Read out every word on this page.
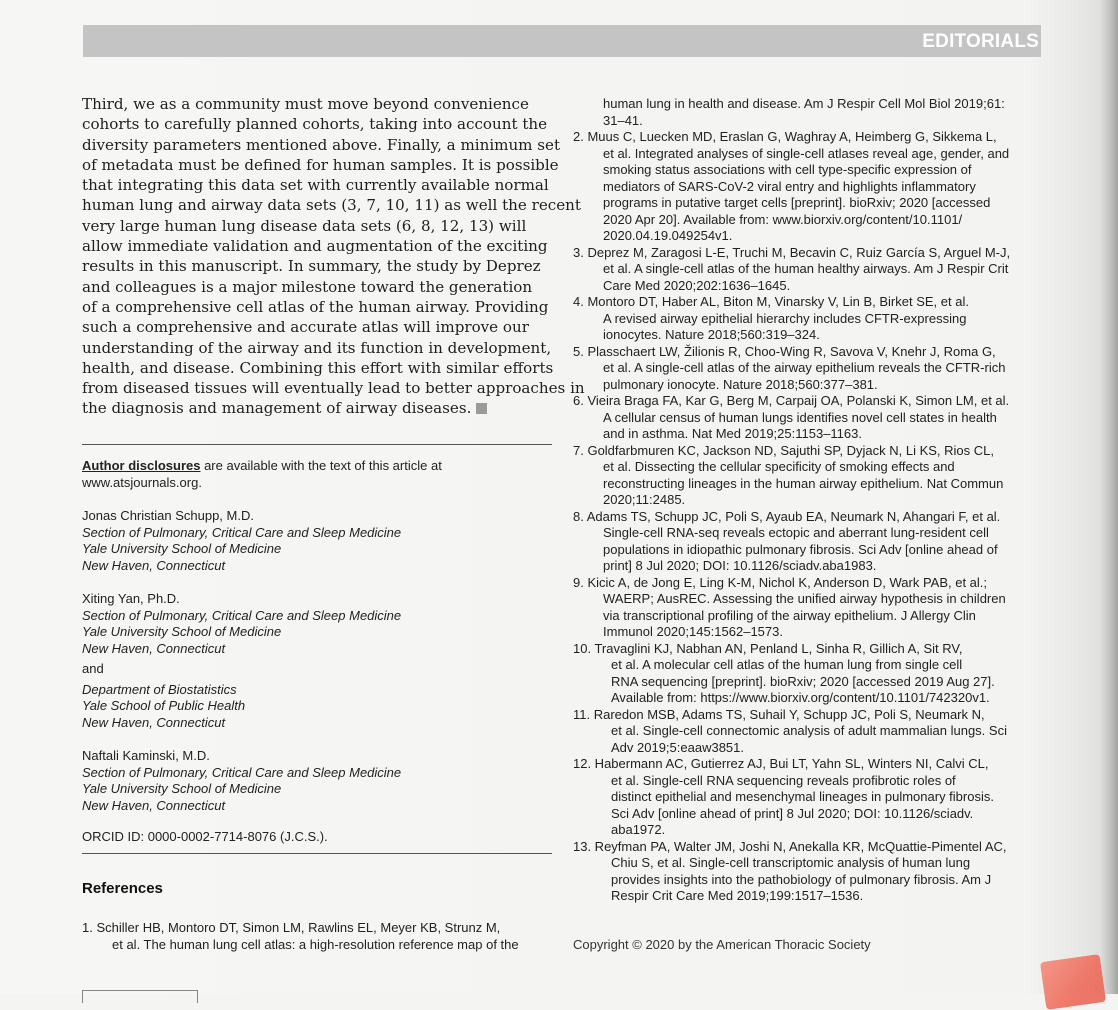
EDITORIALS
Third, we as a community must move beyond convenience
cohorts to carefully planned cohorts, taking into account the
diversity parameters mentioned above. Finally, a minimum set
of metadata must be defined for human samples. It is possible
that integrating this data set with currently available normal
human lung and airway data sets (3, 7, 10, 11) as well the recent
very large human lung disease data sets (6, 8, 12, 13) will
allow immediate validation and augmentation of the exciting
results in this manuscript. In summary, the study by Deprez
and colleagues is a major milestone toward the generation
of a comprehensive cell atlas of the human airway. Providing
such a comprehensive and accurate atlas will improve our
understanding of the airway and its function in development,
health, and disease. Combining this effort with similar efforts
from diseased tissues will eventually lead to better approaches in
the diagnosis and management of airway diseases.
Author disclosures are available with the text of this article at
www.atsjournals.org.
Jonas Christian Schupp, M.D.
Section of Pulmonary, Critical Care and Sleep Medicine
Yale University School of Medicine
New Haven, Connecticut
Xiting Yan, Ph.D.
Section of Pulmonary, Critical Care and Sleep Medicine
Yale University School of Medicine
New Haven, Connecticut
and
Department of Biostatistics
Yale School of Public Health
New Haven, Connecticut
Naftali Kaminski, M.D.
Section of Pulmonary, Critical Care and Sleep Medicine
Yale University School of Medicine
New Haven, Connecticut
ORCID ID: 0000-0002-7714-8076 (J.C.S.).
References
1. Schiller HB, Montoro DT, Simon LM, Rawlins EL, Meyer KB, Strunz M,
et al. The human lung cell atlas: a high-resolution reference map of the
human lung in health and disease. Am J Respir Cell Mol Biol 2019;61:
31–41.
2. Muus C, Luecken MD, Eraslan G, Waghray A, Heimberg G, Sikkema L,
et al. Integrated analyses of single-cell atlases reveal age, gender, and
smoking status associations with cell type-specific expression of
mediators of SARS-CoV-2 viral entry and highlights inflammatory
programs in putative target cells [preprint]. bioRxiv; 2020 [accessed
2020 Apr 20]. Available from: www.biorxiv.org/content/10.1101/
2020.04.19.049254v1.
3. Deprez M, Zaragosi L-E, Truchi M, Becavin C, Ruiz García S, Arguel M-J,
et al. A single-cell atlas of the human healthy airways. Am J Respir Crit
Care Med 2020;202:1636–1645.
4. Montoro DT, Haber AL, Biton M, Vinarsky V, Lin B, Birket SE, et al.
A revised airway epithelial hierarchy includes CFTR-expressing
ionocytes. Nature 2018;560:319–324.
5. Plasschaert LW, Žilionis R, Choo-Wing R, Savova V, Knehr J, Roma G,
et al. A single-cell atlas of the airway epithelium reveals the CFTR-rich
pulmonary ionocyte. Nature 2018;560:377–381.
6. Vieira Braga FA, Kar G, Berg M, Carpaij OA, Polanski K, Simon LM, et al.
A cellular census of human lungs identifies novel cell states in health
and in asthma. Nat Med 2019;25:1153–1163.
7. Goldfarbmuren KC, Jackson ND, Sajuthi SP, Dyjack N, Li KS, Rios CL,
et al. Dissecting the cellular specificity of smoking effects and
reconstructing lineages in the human airway epithelium. Nat Commun
2020;11:2485.
8. Adams TS, Schupp JC, Poli S, Ayaub EA, Neumark N, Ahangari F, et al.
Single-cell RNA-seq reveals ectopic and aberrant lung-resident cell
populations in idiopathic pulmonary fibrosis. Sci Adv [online ahead of
print] 8 Jul 2020; DOI: 10.1126/sciadv.aba1983.
9. Kicic A, de Jong E, Ling K-M, Nichol K, Anderson D, Wark PAB, et al.;
WAERP; AusREC. Assessing the unified airway hypothesis in children
via transcriptional profiling of the airway epithelium. J Allergy Clin
Immunol 2020;145:1562–1573.
10. Travaglini KJ, Nabhan AN, Penland L, Sinha R, Gillich A, Sit RV,
et al. A molecular cell atlas of the human lung from single cell
RNA sequencing [preprint]. bioRxiv; 2020 [accessed 2019 Aug 27].
Available from: https://www.biorxiv.org/content/10.1101/742320v1.
11. Raredon MSB, Adams TS, Suhail Y, Schupp JC, Poli S, Neumark N,
et al. Single-cell connectomic analysis of adult mammalian lungs. Sci
Adv 2019;5:eaaw3851.
12. Habermann AC, Gutierrez AJ, Bui LT, Yahn SL, Winters NI, Calvi CL,
et al. Single-cell RNA sequencing reveals profibrotic roles of
distinct epithelial and mesenchymal lineages in pulmonary fibrosis.
Sci Adv [online ahead of print] 8 Jul 2020; DOI: 10.1126/sciadv.
aba1972.
13. Reyfman PA, Walter JM, Joshi N, Anekalla KR, McQuattie-Pimentel AC,
Chiu S, et al. Single-cell transcriptomic analysis of human lung
provides insights into the pathobiology of pulmonary fibrosis. Am J
Respir Crit Care Med 2019;199:1517–1536.
Copyright © 2020 by the American Thoracic Society
